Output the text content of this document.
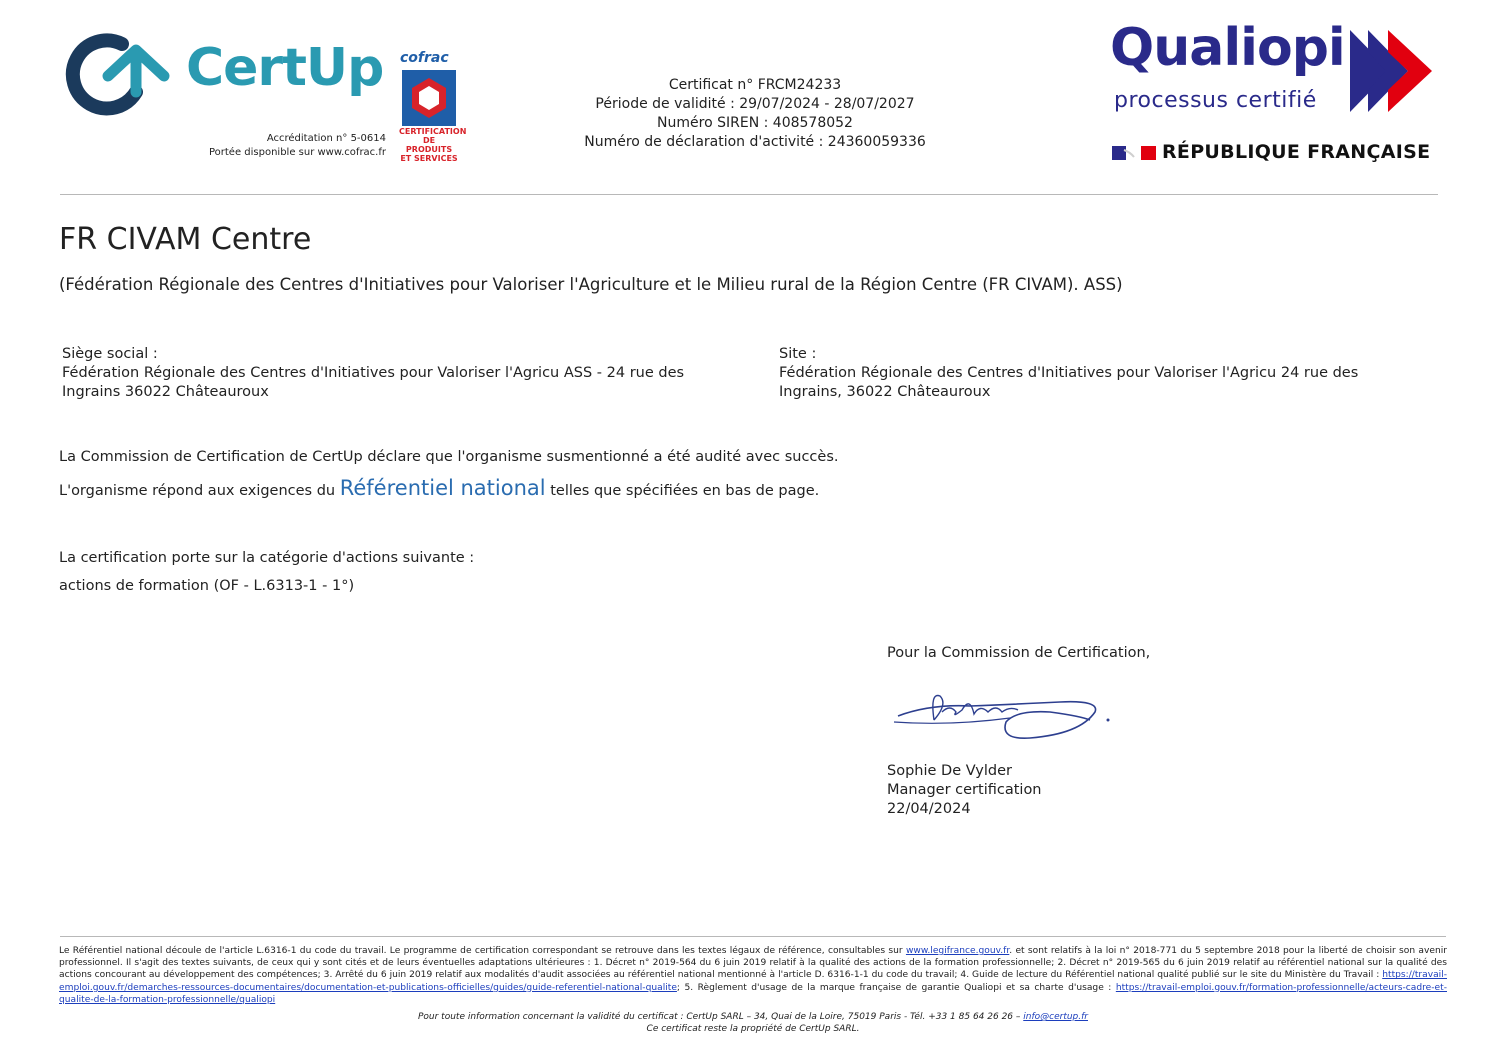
CertUp
Accréditation n° 5-0614
Portée disponible sur www.cofrac.fr
cofrac
CERTIFICATION
DE PRODUITS
ET SERVICES
Certificat n° FRCM24233
Période de validité : 29/07/2024 - 28/07/2027
Numéro SIREN : 408578052
Numéro de déclaration d'activité : 24360059336
Qualiopi
processus certifié
RÉPUBLIQUE FRANÇAISE
FR CIVAM Centre
(Fédération Régionale des Centres d'Initiatives pour Valoriser l'Agriculture et le Milieu rural de la Région Centre (FR CIVAM). ASS)
Siège social :
Fédération Régionale des Centres d'Initiatives pour Valoriser l'Agricu ASS - 24 rue des Ingrains 36022 Châteauroux
Site :
Fédération Régionale des Centres d'Initiatives pour Valoriser l'Agricu 24 rue des Ingrains, 36022 Châteauroux
La Commission de Certification de CertUp déclare que l'organisme susmentionné a été audité avec succès.
L'organisme répond aux exigences du Référentiel national telles que spécifiées en bas de page.
La certification porte sur la catégorie d'actions suivante :
actions de formation (OF - L.6313-1 - 1°)
Pour la Commission de Certification,
Sophie De Vylder
Manager certification
22/04/2024
Le Référentiel national découle de l'article L.6316-1 du code du travail. Le programme de certification correspondant se retrouve dans les textes légaux de référence, consultables sur www.legifrance.gouv.fr. et sont relatifs à la loi n° 2018-771 du 5 septembre 2018 pour la liberté de choisir son avenir professionnel. Il s'agit des textes suivants, de ceux qui y sont cités et de leurs éventuelles adaptations ultérieures : 1. Décret n° 2019-564 du 6 juin 2019 relatif à la qualité des actions de la formation professionnelle; 2. Décret n° 2019-565 du 6 juin 2019 relatif au référentiel national sur la qualité des actions concourant au développement des compétences; 3. Arrêté du 6 juin 2019 relatif aux modalités d'audit associées au référentiel national mentionné à l'article D. 6316-1-1 du code du travail; 4. Guide de lecture du Référentiel national qualité publié sur le site du Ministère du Travail : https://travail-emploi.gouv.fr/demarches-ressources-documentaires/documentation-et-publications-officielles/guides/guide-referentiel-national-qualite; 5. Règlement d'usage de la marque française de garantie Qualiopi et sa charte d'usage : https://travail-emploi.gouv.fr/formation-professionnelle/acteurs-cadre-et-qualite-de-la-formation-professionnelle/qualiopi
Pour toute information concernant la validité du certificat : CertUp SARL – 34, Quai de la Loire, 75019 Paris - Tél. +33 1 85 64 26 26 – info@certup.fr
Ce certificat reste la propriété de CertUp SARL.
